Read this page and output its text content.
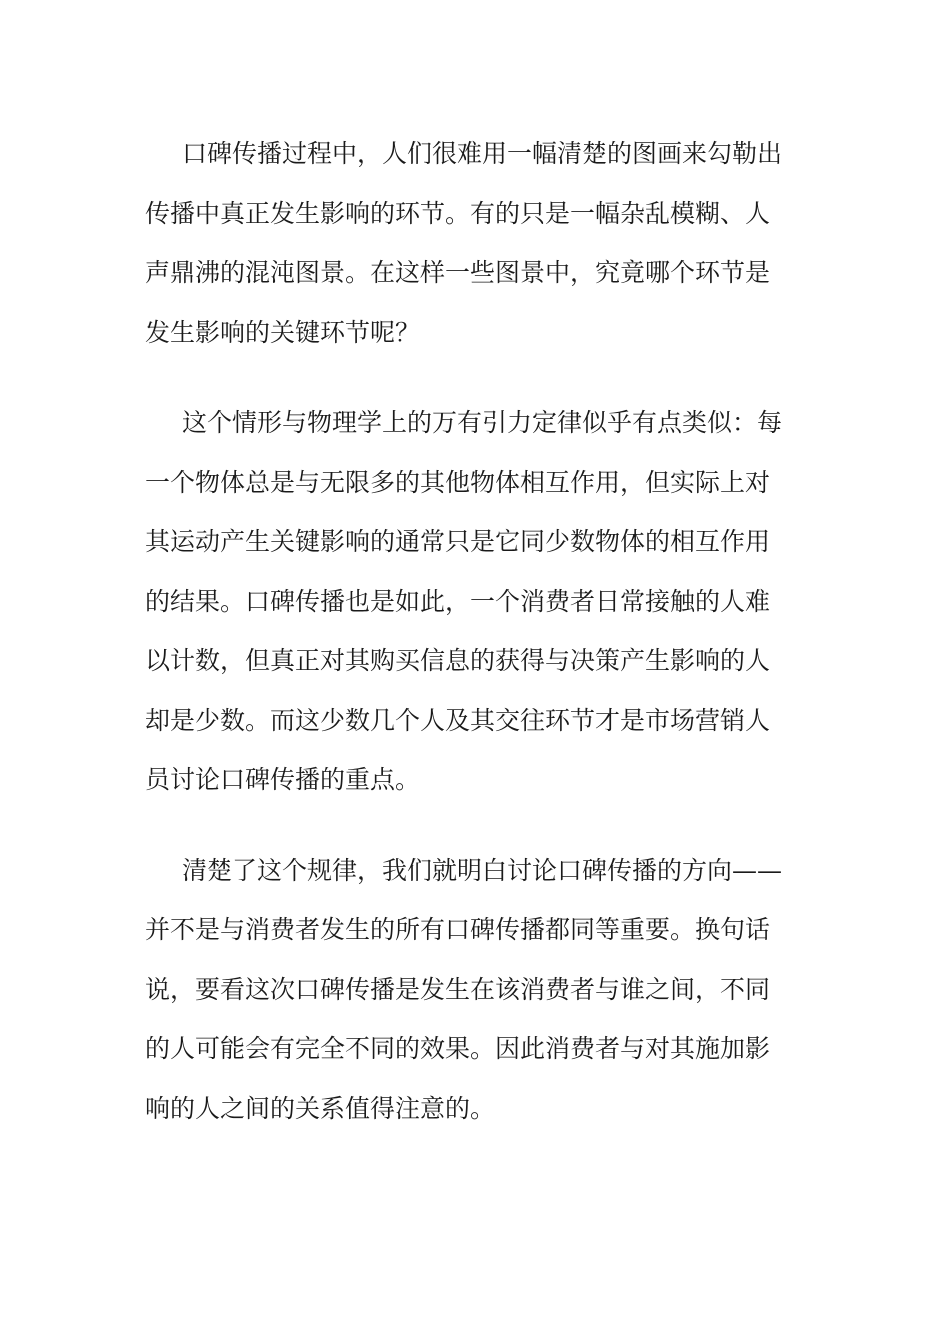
口碑传播过程中，人们很难用一幅清楚的图画来勾勒出
传播中真正发生影响的环节。有的只是一幅杂乱模糊、人
声鼎沸的混沌图景。在这样一些图景中，究竟哪个环节是
发生影响的关键环节呢？

这个情形与物理学上的万有引力定律似乎有点类似：每
一个物体总是与无限多的其他物体相互作用，但实际上对
其运动产生关键影响的通常只是它同少数物体的相互作用
的结果。口碑传播也是如此，一个消费者日常接触的人难
以计数，但真正对其购买信息的获得与决策产生影响的人
却是少数。而这少数几个人及其交往环节才是市场营销人
员讨论口碑传播的重点。

清楚了这个规律，我们就明白讨论口碑传播的方向——
并不是与消费者发生的所有口碑传播都同等重要。换句话
说，要看这次口碑传播是发生在该消费者与谁之间，不同
的人可能会有完全不同的效果。因此消费者与对其施加影
响的人之间的关系值得注意的。
